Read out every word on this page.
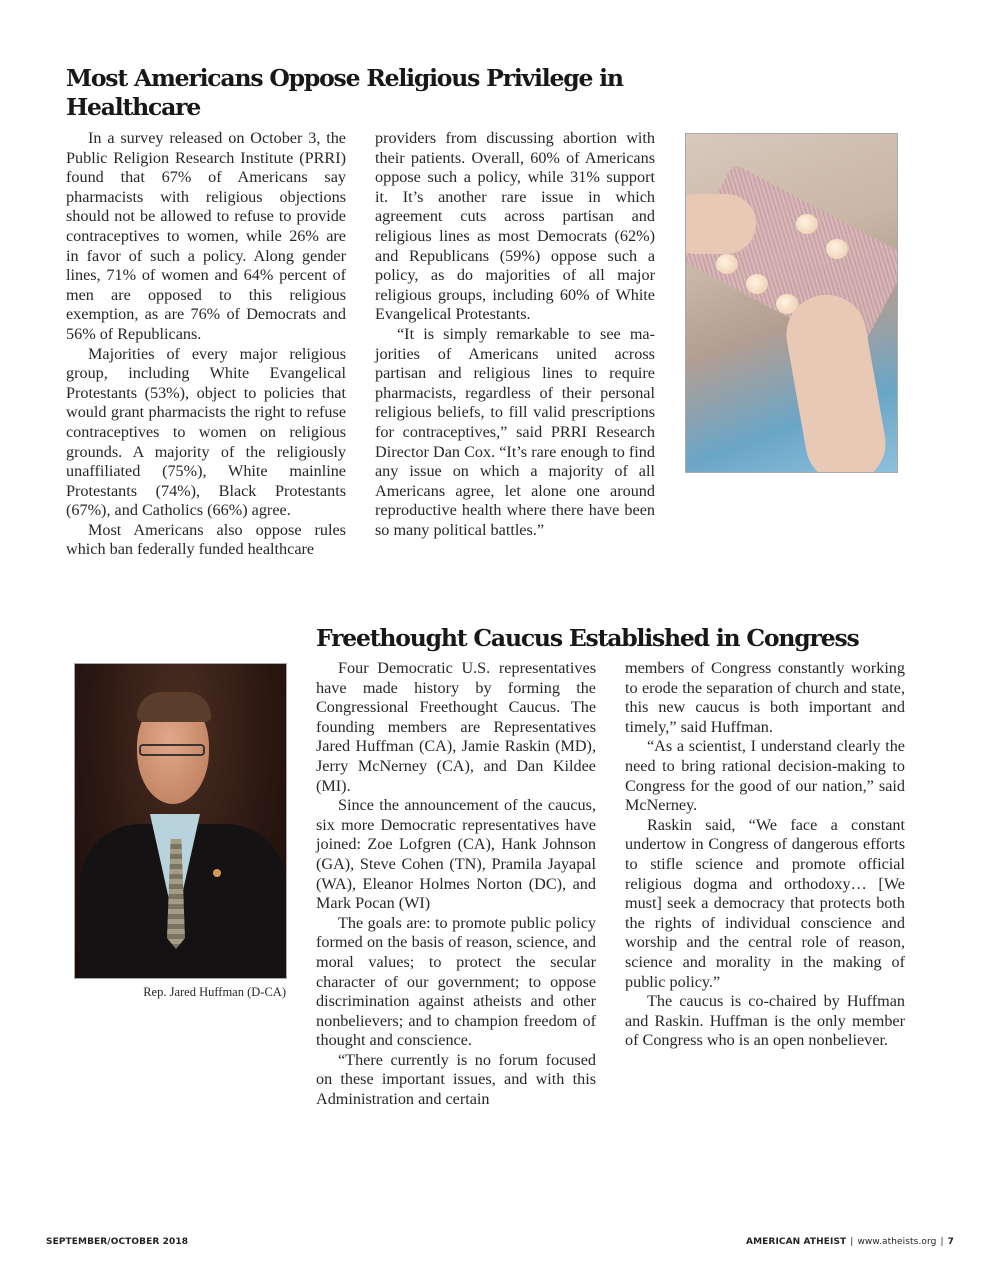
Most Americans Oppose Religious Privilege in
Healthcare

In a survey released on October 3, the Public Religion Research Institute (PRRI) found that 67% of Americans say pharmacists with religious objections should not be allowed to refuse to provide contraceptives to women, while 26% are in favor of such a policy. Along gender lines, 71% of women and 64% percent of men are opposed to this religious exemption, as are 76% of Democrats and 56% of Republicans.

Majorities of every major religious group, including White Evangelical Protestants (53%), object to policies that would grant pharmacists the right to refuse contraceptives to women on religious grounds. A majority of the religiously unaffiliated (75%), White mainline Protestants (74%), Black Protestants (67%), and Catholics (66%) agree.

Most Americans also oppose rules which ban federally funded healthcare

providers from discussing abortion with their patients. Overall, 60% of Americans oppose such a policy, while 31% support it. It’s another rare issue in which agreement cuts across partisan and religious lines as most Democrats (62%) and Republicans (59%) oppose such a policy, as do majorities of all major religious groups, including 60% of White Evangelical Protestants.

“It is simply remarkable to see majorities of Americans united across partisan and religious lines to require pharmacists, regardless of their personal religious beliefs, to fill valid prescriptions for contraceptives,” said PRRI Research Director Dan Cox. “It’s rare enough to find any issue on which a majority of all Americans agree, let alone one around reproductive health where there have been so many political battles.”

Freethought Caucus Established in Congress
Rep. Jared Huffman (D-CA)

Four Democratic U.S. representatives have made history by forming the Congressional Freethought Caucus. The founding members are Representatives Jared Huffman (CA), Jamie Raskin (MD), Jerry McNerney (CA), and Dan Kildee (MI).

Since the announcement of the caucus, six more Democratic representatives have joined: Zoe Lofgren (CA), Hank Johnson (GA), Steve Cohen (TN), Pramila Jayapal (WA), Eleanor Holmes Norton (DC), and Mark Pocan (WI)

The goals are: to promote public policy formed on the basis of reason, science, and moral values; to protect the secular character of our government; to oppose discrimination against atheists and other nonbelievers; and to champion freedom of thought and conscience.

“There currently is no forum focused on these important issues, and with this Administration and certain

members of Congress constantly working to erode the separation of church and state, this new caucus is both important and timely,” said Huffman.

“As a scientist, I understand clearly the need to bring rational decision-making to Congress for the good of our nation,” said McNerney.

Raskin said, “We face a constant undertow in Congress of dangerous efforts to stifle science and promote official religious dogma and orthodoxy… [We must] seek a democracy that protects both the rights of individual conscience and worship and the central role of reason, science and morality in the making of public policy.”

The caucus is co-chaired by Huffman and Raskin. Huffman is the only member of Congress who is an open nonbeliever.

SEPTEMBER/OCTOBER 2018	AMERICAN ATHEIST | www.atheists.org | 7
